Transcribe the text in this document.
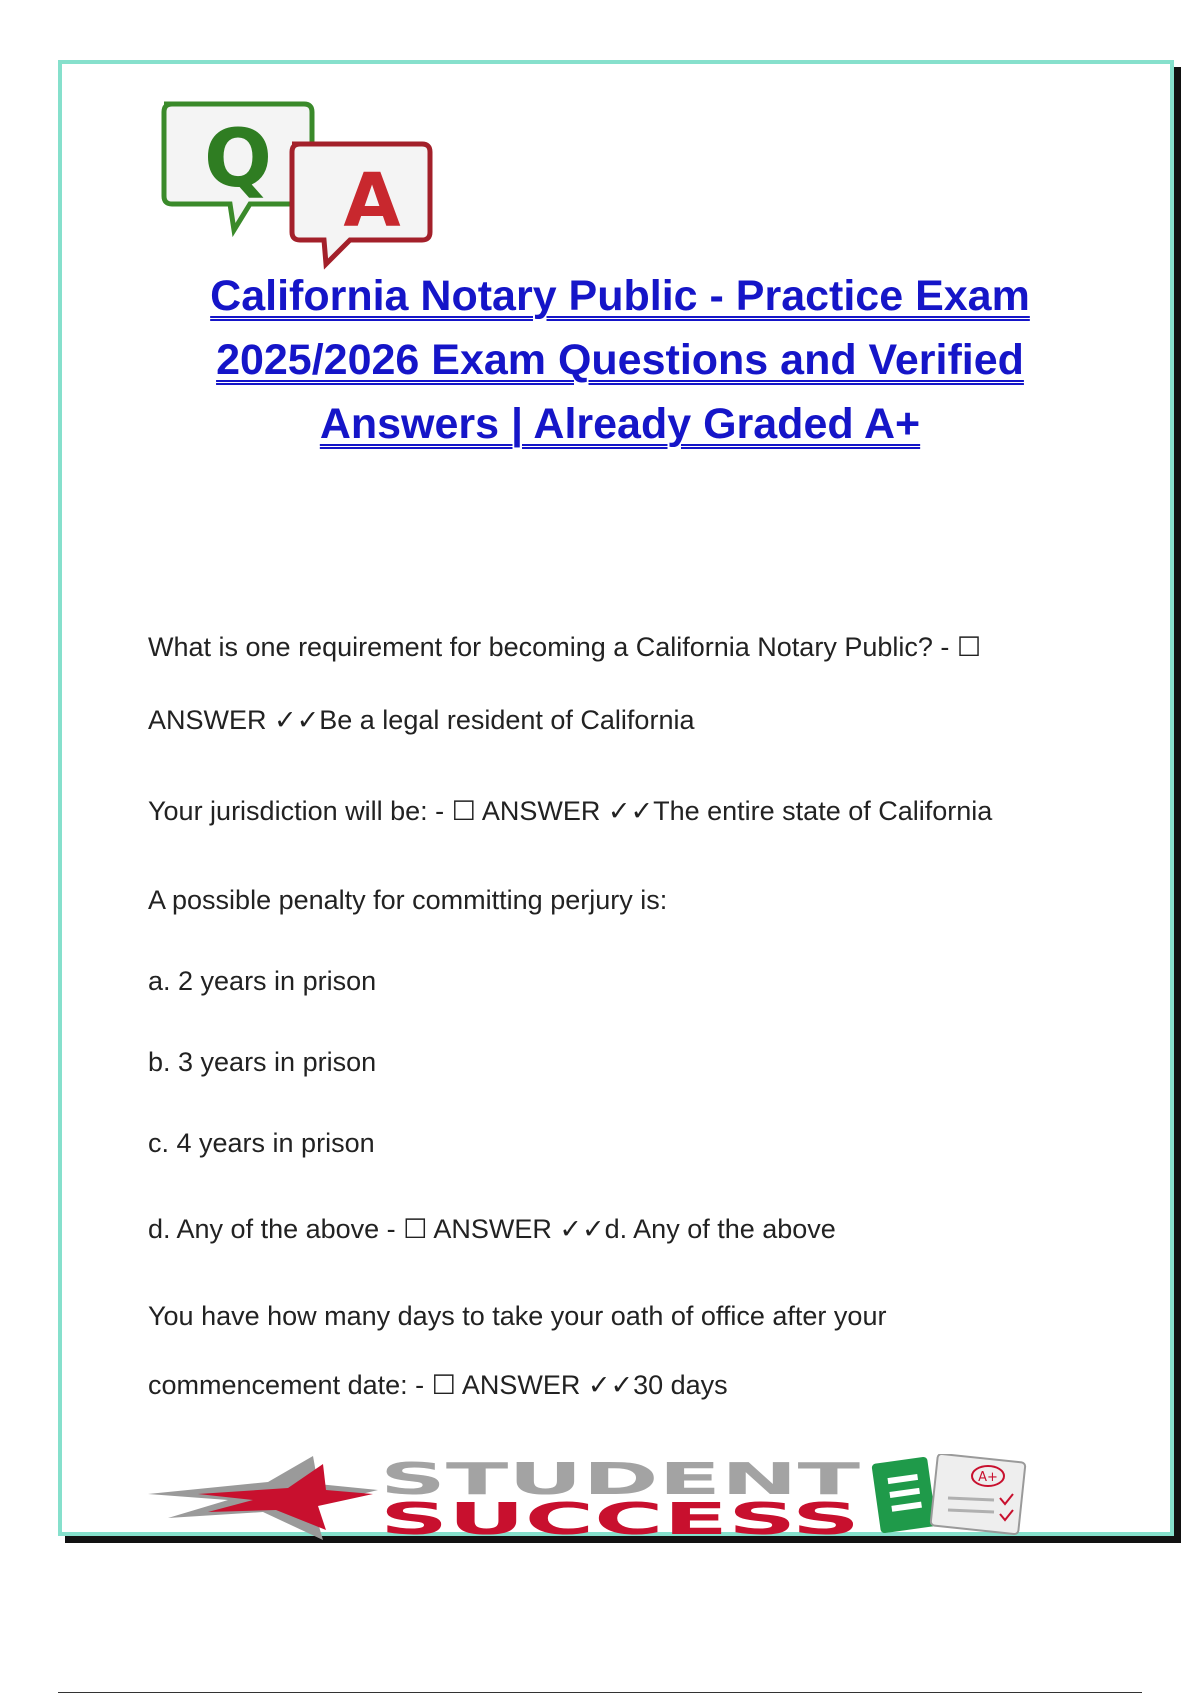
Q A
California Notary Public - Practice Exam
2025/2026 Exam Questions and Verified
Answers | Already Graded A+

What is one requirement for becoming a California Notary Public? - ☐

ANSWER ✓✓Be a legal resident of California

Your jurisdiction will be: - ☐ ANSWER ✓✓The entire state of California

A possible penalty for committing perjury is:

a. 2 years in prison

b. 3 years in prison

c. 4 years in prison

d. Any of the above - ☐ ANSWER ✓✓d. Any of the above

You have how many days to take your oath of office after your

commencement date: - ☐ ANSWER ✓✓30 days

STUDENT
SUCCESS
A+
